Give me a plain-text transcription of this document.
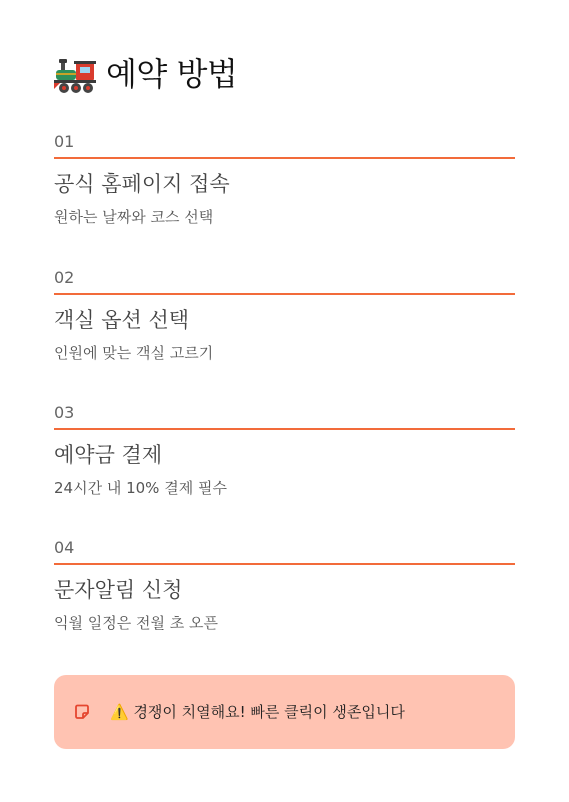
예약 방법
01
공식 홈페이지 접속
원하는 날짜와 코스 선택
02
객실 옵션 선택
인원에 맞는 객실 고르기
03
예약금 결제
24시간 내 10% 결제 필수
04
문자알림 신청
익월 일정은 전월 초 오픈
⚠️ 경쟁이 치열해요! 빠른 클릭이 생존입니다
